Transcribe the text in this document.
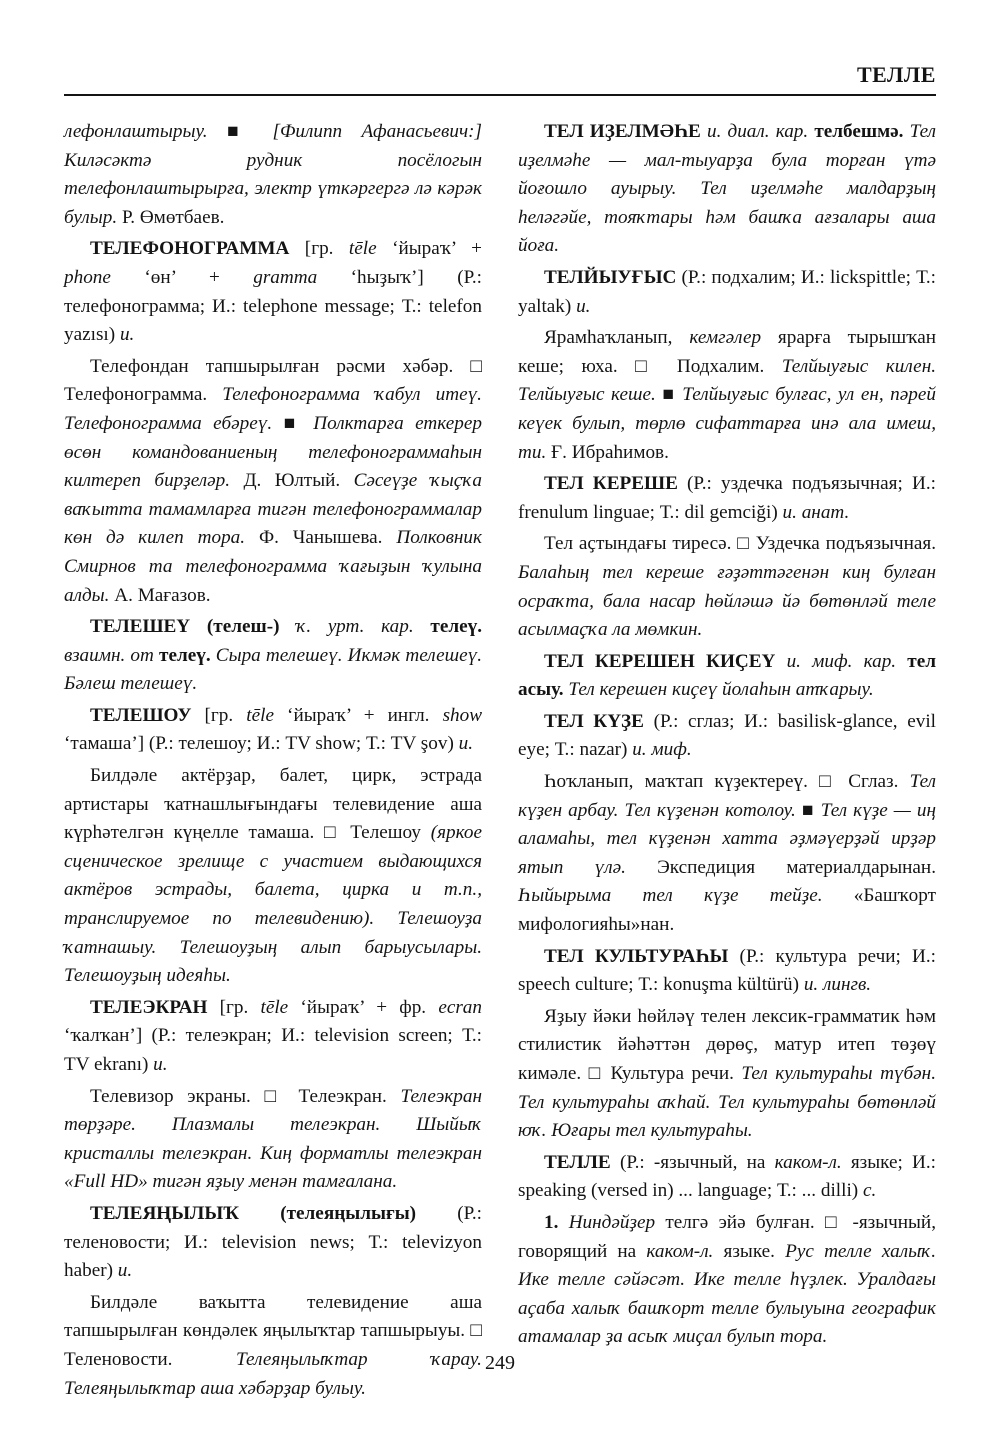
ТЕЛЛЕ

лефонлаштырыу. ■ [Филипп Афанасьевич:] Киләсәктә рудник посёлогын телефонлаштырырға, электр үткәргергә лә кәрәк булыр. Р. Өмөтбаев.

ТЕЛЕФОНОГРАММА [гр. tēle ‘йыраҡ’ + phone ‘өн’ + gramma ‘һыҙыҡ’] (Р.: телефонограмма; И.: telephone message; Т.: telefon yazısı) и.

Телефондан тапшырылған рәсми хәбәр. □ Телефонограмма. Телефонограмма ҡабул итеү. Телефонограмма ебәреү. ■ Полктарға еткерер өсөн командованиеның телефонограммаһын килтереп бирҙеләр. Д. Юлтый. Сәсеүҙе ҡыҫҡа ваҡытта тамамларға тигән телефонограммалар көн дә килеп тора. Ф. Чанышева. Полковник Смирнов та телефонограмма ҡағыҙын ҡулына алды. А. Мағазов.

ТЕЛЕШЕҮ (телеш-) ҡ. урт. кар. телеү. взаимн. от телеү. Сыра телешеү. Икмәк телешеү. Бәлеш телешеү.

ТЕЛЕШОУ [гр. tēle ‘йыраҡ’ + ингл. show ‘тамаша’] (Р.: телешоу; И.: TV show; Т.: TV şov) и.

Билдәле актёрҙар, балет, цирк, эстрада артистары ҡатнашлығындағы телевидение аша күрһәтелгән күңелле тамаша. □ Телешоу (яркое сценическое зрелище с участием выдающихся актёров эстрады, балета, цирка и т.п., транслируемое по телевидению). Телешоуҙа ҡатнашыу. Телешоуҙың алып барыусылары. Телешоуҙың идеяһы.

ТЕЛЕЭКРАН [гр. tēle ‘йыраҡ’ + фр. ecran ‘ҡалҡан’] (Р.: телеэкран; И.: television screen; Т.: TV ekranı) и.

Телевизор экраны. □ Телеэкран. Телеэкран төрҙәре. Плазмалы телеэкран. Шыйыҡ кристаллы телеэкран. Киң форматлы телеэкран «Full HD» тигән яҙыу менән тамғалана.

ТЕЛЕЯҢЫЛЫҠ (телеяңылығы) (Р.: теленовости; И.: television news; Т.: televizyon haber) и.

Билдәле ваҡытта телевидение аша тапшырылған көндәлек яңылыҡтар тапшырыуы. □ Теленовости. Телеяңылыҡтар ҡарау. Телеяңылыҡтар аша хәбәрҙар булыу.

ТЕЛ ИҘЕЛМӘҺЕ и. диал. кар. телбешмә. Тел иҙелмәһе — мал-тыуарҙа була торған үтә йоғошло ауырыу. Тел иҙелмәһе малдарҙың һеләгәйе, тояҡтары һәм башҡа ағзалары аша йоға.

ТЕЛЙЫУҒЫС (Р.: подхалим; И.: lickspittle; Т.: yaltak) и.

Ярамһаҡланып, кемгәлер ярарға тырышҡан кеше; юха. □ Подхалим. Телйыуғыс килен. Телйыуғыс кеше. ■ Телйыуғыс булғас, ул ен, пәрей кеүек булып, төрлө сифаттарға инә ала имеш, ти. Ғ. Ибраһимов.

ТЕЛ КЕРЕШЕ (Р.: уздечка подъязычная; И.: frenulum linguae; Т.: dil gemciği) и. анат.

Тел аҫтындағы тиресә. □ Уздечка подъязычная. Балаһың тел кереше ғәҙәттәгенән киң булған осраҡта, бала насар һөйләшә йә бөтөнләй теле асылмаҫҡа ла мөмкин.

ТЕЛ КЕРЕШЕН КИҪЕҮ и. миф. кар. тел асыу. Тел керешен киҫеү йолаһын атҡарыу.

ТЕЛ КҮҘЕ (Р.: сглаз; И.: basilisk-glance, evil eye; Т.: nazar) и. миф.

Һоҡланып, маҡтап күҙектереү. □ Сглаз. Тел күҙен арбау. Тел күҙенән котолоу. ■ Тел күҙе — иң аламаһы, тел күҙенән хатта әҙмәүерҙәй ирҙәр ятып үлә. Экспедиция материалдарынан. Һыйырыма тел күҙе тейҙе. «Башҡорт мифологияһы»нан.

ТЕЛ КУЛЬТУРАҺЫ (Р.: культура речи; И.: speech culture; Т.: konuşma kültürü) и. лингв.

Яҙыу йәки һөйләү телен лексик-грамматик һәм стилистик йәһәттән дөрөҫ, матур итеп төҙөү кимәле. □ Культура речи. Тел культураһы түбән. Тел культураһы аҡһай. Тел культураһы бөтөнләй юҡ. Юғары тел культураһы.

ТЕЛЛЕ (Р.: -язычный, на каком-л. языке; И.: speaking (versed in) ... language; Т.: ... dilli) с.

1. Ниндәйҙер телгә эйә булған. □ -язычный, говорящий на каком-л. языке. Рус телле халыҡ. Ике телле сәйәсәт. Ике телле һүҙлек. Уралдағы аҫаба халыҡ башҡорт телле булыуына географик атамалар ҙа асыҡ миҫал булып тора.

249
